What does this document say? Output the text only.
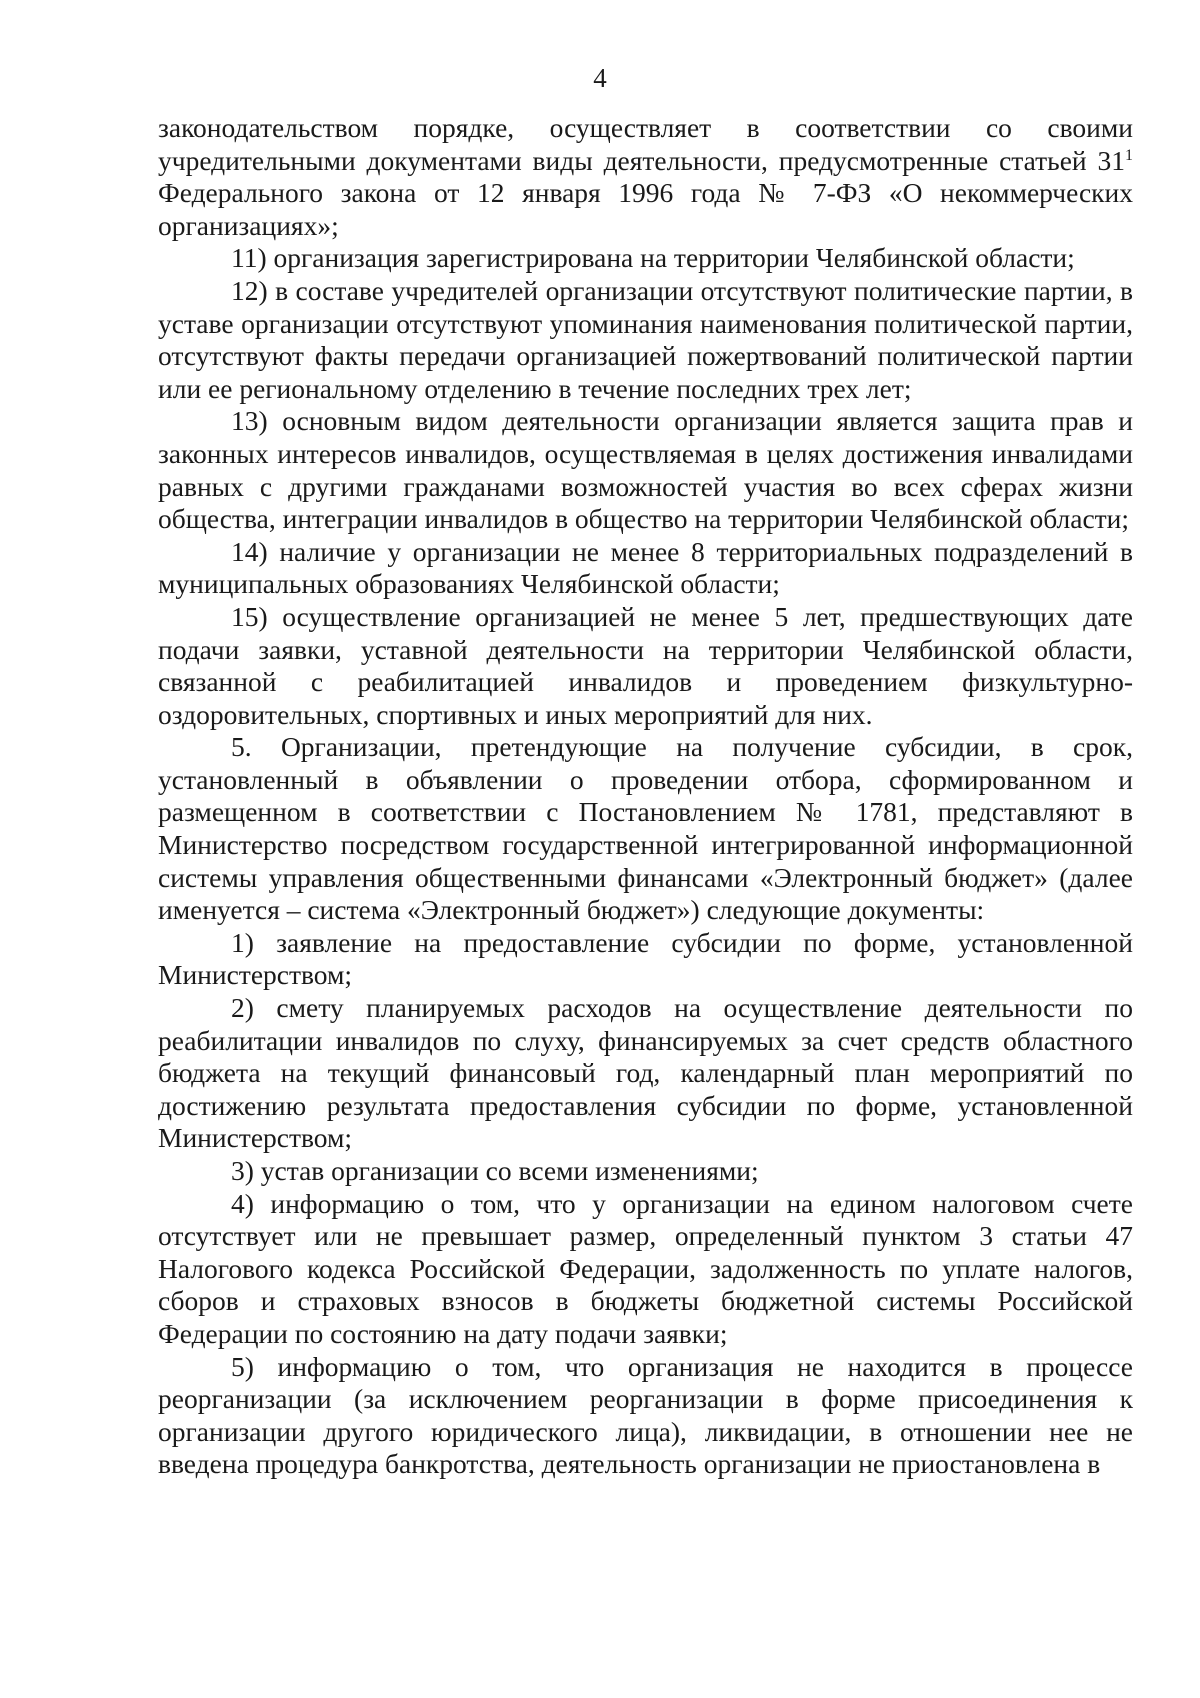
4

законодательством порядке, осуществляет в соответствии со своими учредительными документами виды деятельности, предусмотренные статьей $31^1$ Федерального закона от 12 января 1996 года № 7-ФЗ «О некоммерческих организациях»;

11) организация зарегистрирована на территории Челябинской области;

12) в составе учредителей организации отсутствуют политические партии, в уставе организации отсутствуют упоминания наименования политической партии, отсутствуют факты передачи организацией пожертвований политической партии или ее региональному отделению в течение последних трех лет;

13) основным видом деятельности организации является защита прав и законных интересов инвалидов, осуществляемая в целях достижения инвалидами равных с другими гражданами возможностей участия во всех сферах жизни общества, интеграции инвалидов в общество на территории Челябинской области;

14) наличие у организации не менее 8 территориальных подразделений в муниципальных образованиях Челябинской области;

15) осуществление организацией не менее 5 лет, предшествующих дате подачи заявки, уставной деятельности на территории Челябинской области, связанной с реабилитацией инвалидов и проведением физкультурно-оздоровительных, спортивных и иных мероприятий для них.

5. Организации, претендующие на получение субсидии, в срок, установленный в объявлении о проведении отбора, сформированном и размещенном в соответствии с Постановлением № 1781, представляют в Министерство посредством государственной интегрированной информационной системы управления общественными финансами «Электронный бюджет» (далее именуется – система «Электронный бюджет») следующие документы:

1) заявление на предоставление субсидии по форме, установленной Министерством;

2) смету планируемых расходов на осуществление деятельности по реабилитации инвалидов по слуху, финансируемых за счет средств областного бюджета на текущий финансовый год, календарный план мероприятий по достижению результата предоставления субсидии по форме, установленной Министерством;

3) устав организации со всеми изменениями;

4) информацию о том, что у организации на едином налоговом счете отсутствует или не превышает размер, определенный пунктом 3 статьи 47 Налогового кодекса Российской Федерации, задолженность по уплате налогов, сборов и страховых взносов в бюджеты бюджетной системы Российской Федерации по состоянию на дату подачи заявки;

5) информацию о том, что организация не находится в процессе реорганизации (за исключением реорганизации в форме присоединения к организации другого юридического лица), ликвидации, в отношении нее не введена процедура банкротства, деятельность организации не приостановлена в
